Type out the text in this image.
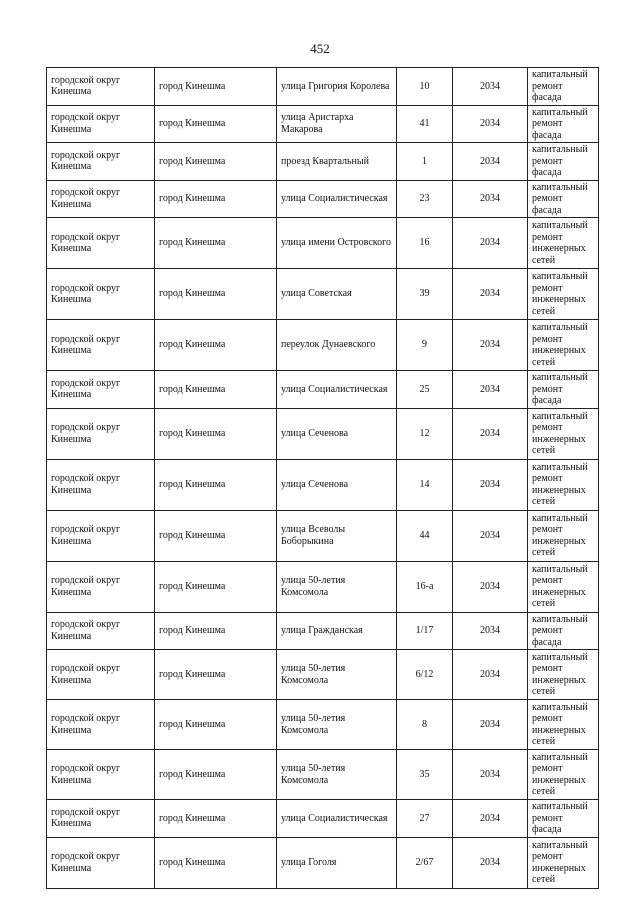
452
городской округ Кинешма	город Кинешма	улица Григория Королева	10	2034	капитальный ремонт фасада
городской округ Кинешма	город Кинешма	улица Аристарха Макарова	41	2034	капитальный ремонт фасада
городской округ Кинешма	город Кинешма	проезд Квартальный	1	2034	капитальный ремонт фасада
городской округ Кинешма	город Кинешма	улица Социалистическая	23	2034	капитальный ремонт фасада
городской округ Кинешма	город Кинешма	улица имени Островского	16	2034	капитальный ремонт инженерных сетей
городской округ Кинешма	город Кинешма	улица Советская	39	2034	капитальный ремонт инженерных сетей
городской округ Кинешма	город Кинешма	переулок Дунаевского	9	2034	капитальный ремонт инженерных сетей
городской округ Кинешма	город Кинешма	улица Социалистическая	25	2034	капитальный ремонт фасада
городской округ Кинешма	город Кинешма	улица Сеченова	12	2034	капитальный ремонт инженерных сетей
городской округ Кинешма	город Кинешма	улица Сеченова	14	2034	капитальный ремонт инженерных сетей
городской округ Кинешма	город Кинешма	улица Всеволы Боборыкина	44	2034	капитальный ремонт инженерных сетей
городской округ Кинешма	город Кинешма	улица 50-летия Комсомола	16-а	2034	капитальный ремонт инженерных сетей
городской округ Кинешма	город Кинешма	улица Гражданская	1/17	2034	капитальный ремонт фасада
городской округ Кинешма	город Кинешма	улица 50-летия Комсомола	6/12	2034	капитальный ремонт инженерных сетей
городской округ Кинешма	город Кинешма	улица 50-летия Комсомола	8	2034	капитальный ремонт инженерных сетей
городской округ Кинешма	город Кинешма	улица 50-летия Комсомола	35	2034	капитальный ремонт инженерных сетей
городской округ Кинешма	город Кинешма	улица Социалистическая	27	2034	капитальный ремонт фасада
городской округ Кинешма	город Кинешма	улица Гоголя	2/67	2034	капитальный ремонт инженерных сетей
